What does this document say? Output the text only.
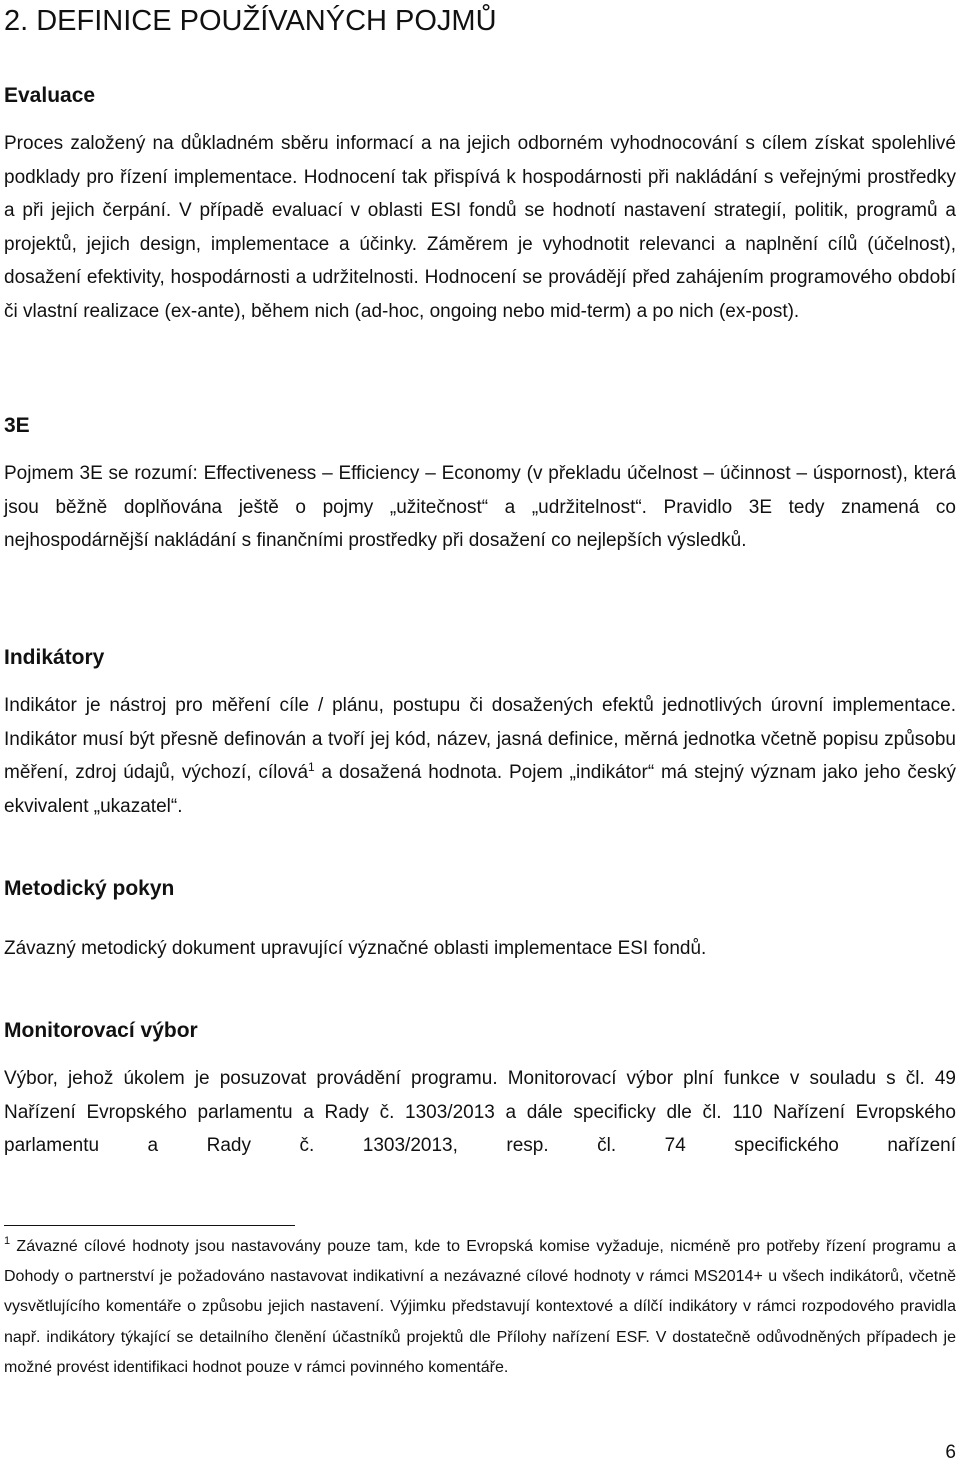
2. DEFINICE POUŽÍVANÝCH POJMŮ
Evaluace

Proces založený na důkladném sběru informací a na jejich odborném vyhodnocování s cílem získat spolehlivé podklady pro řízení implementace. Hodnocení tak přispívá k hospodárnosti při nakládání s veřejnými prostředky a při jejich čerpání. V případě evaluací v oblasti ESI fondů se hodnotí nastavení strategií, politik, programů a projektů, jejich design, implementace a účinky. Záměrem je vyhodnotit relevanci a naplnění cílů (účelnost), dosažení efektivity, hospodárnosti a udržitelnosti. Hodnocení se provádějí před zahájením programového období či vlastní realizace (ex-ante), během nich (ad-hoc, ongoing nebo mid-term) a po nich (ex-post).

3E

Pojmem 3E se rozumí: Effectiveness – Efficiency – Economy (v překladu účelnost – účinnost – úspornost), která jsou běžně doplňována ještě o pojmy „užitečnost“ a „udržitelnost“. Pravidlo 3E tedy znamená co nejhospodárnější nakládání s finančními prostředky při dosažení co nejlepších výsledků.

Indikátory

Indikátor je nástroj pro měření cíle / plánu, postupu či dosažených efektů jednotlivých úrovní implementace. Indikátor musí být přesně definován a tvoří jej kód, název, jasná definice, měrná jednotka včetně popisu způsobu měření, zdroj údajů, výchozí, cílová$^1$ a dosažená hodnota. Pojem „indikátor“ má stejný význam jako jeho český ekvivalent „ukazatel“.

Metodický pokyn

Závazný metodický dokument upravující význačné oblasti implementace ESI fondů.

Monitorovací výbor

Výbor, jehož úkolem je posuzovat provádění programu. Monitorovací výbor plní funkce v souladu s čl. 49 Nařízení Evropského parlamentu a Rady č. 1303/2013 a dále specificky dle čl. 110 Nařízení Evropského parlamentu a Rady č. 1303/2013, resp. čl. 74 specifického nařízení

$^1$ Závazné cílové hodnoty jsou nastavovány pouze tam, kde to Evropská komise vyžaduje, nicméně pro potřeby řízení programu a Dohody o partnerství je požadováno nastavovat indikativní a nezávazné cílové hodnoty v rámci MS2014+ u všech indikátorů, včetně vysvětlujícího komentáře o způsobu jejich nastavení. Výjimku představují kontextové a dílčí indikátory v rámci rozpodového pravidla např. indikátory týkající se detailního členění účastníků projektů dle Přílohy nařízení ESF. V dostatečně odůvodněných případech je možné provést identifikaci hodnot pouze v rámci povinného komentáře.

6
